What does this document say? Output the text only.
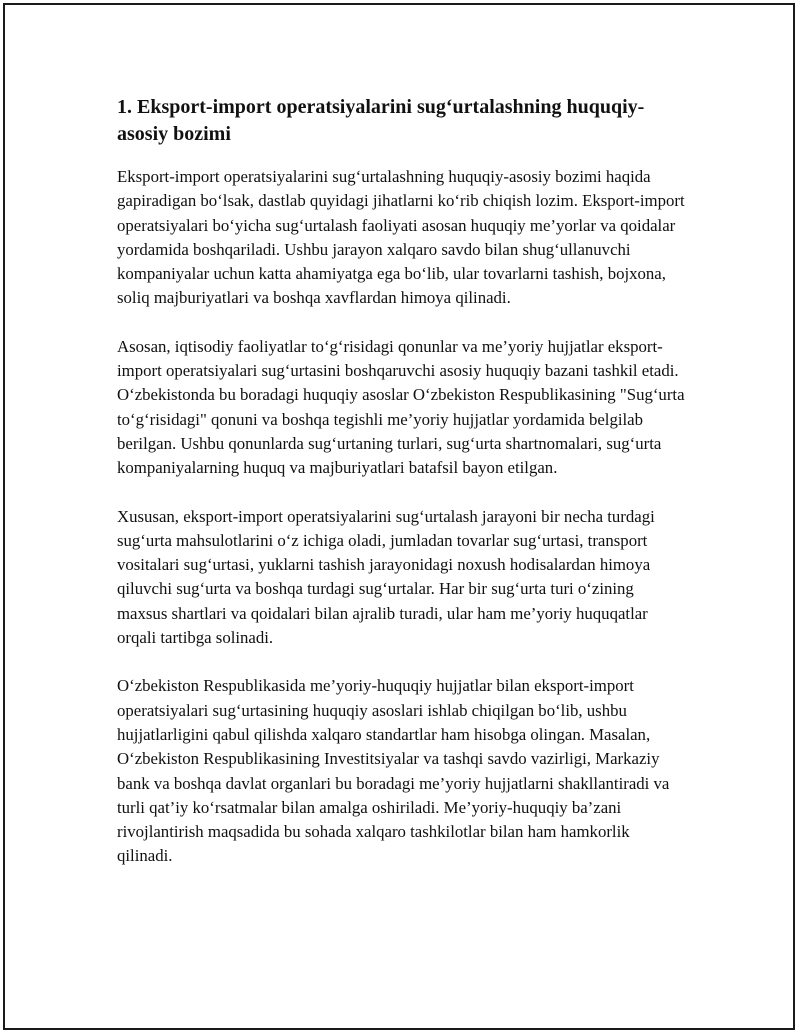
1. Eksport-import operatsiyalarini sug‘urtalashning huquqiy-asosiy bozimi

Eksport-import operatsiyalarini sug‘urtalashning huquqiy-asosiy bozimi haqida gapiradigan bo‘lsak, dastlab quyidagi jihatlarni ko‘rib chiqish lozim. Eksport-import operatsiyalari bo‘yicha sug‘urtalash faoliyati asosan huquqiy me’yorlar va qoidalar yordamida boshqariladi. Ushbu jarayon xalqaro savdo bilan shug‘ullanuvchi kompaniyalar uchun katta ahamiyatga ega bo‘lib, ular tovarlarni tashish, bojxona, soliq majburiyatlari va boshqa xavflardan himoya qilinadi.

Asosan, iqtisodiy faoliyatlar to‘g‘risidagi qonunlar va me’yoriy hujjatlar eksport-import operatsiyalari sug‘urtasini boshqaruvchi asosiy huquqiy bazani tashkil etadi. O‘zbekistonda bu boradagi huquqiy asoslar O‘zbekiston Respublikasining "Sug‘urta to‘g‘risidagi" qonuni va boshqa tegishli me’yoriy hujjatlar yordamida belgilab berilgan. Ushbu qonunlarda sug‘urtaning turlari, sug‘urta shartnomalari, sug‘urta kompaniyalarning huquq va majburiyatlari batafsil bayon etilgan.

Xususan, eksport-import operatsiyalarini sug‘urtalash jarayoni bir necha turdagi sug‘urta mahsulotlarini o‘z ichiga oladi, jumladan tovarlar sug‘urtasi, transport vositalari sug‘urtasi, yuklarni tashish jarayonidagi noxush hodisalardan himoya qiluvchi sug‘urta va boshqa turdagi sug‘urtalar. Har bir sug‘urta turi o‘zining maxsus shartlari va qoidalari bilan ajralib turadi, ular ham me’yoriy huquqatlar orqali tartibga solinadi.

O‘zbekiston Respublikasida me’yoriy-huquqiy hujjatlar bilan eksport-import operatsiyalari sug‘urtasining huquqiy asoslari ishlab chiqilgan bo‘lib, ushbu hujjatlarligini qabul qilishda xalqaro standartlar ham hisobga olingan. Masalan, O‘zbekiston Respublikasining Investitsiyalar va tashqi savdo vazirligi, Markaziy bank va boshqa davlat organlari bu boradagi me’yoriy hujjatlarni shakllantiradi va turli qat’iy ko‘rsatmalar bilan amalga oshiriladi. Me’yoriy-huquqiy ba’zani rivojlantirish maqsadida bu sohada xalqaro tashkilotlar bilan ham hamkorlik qilinadi.
